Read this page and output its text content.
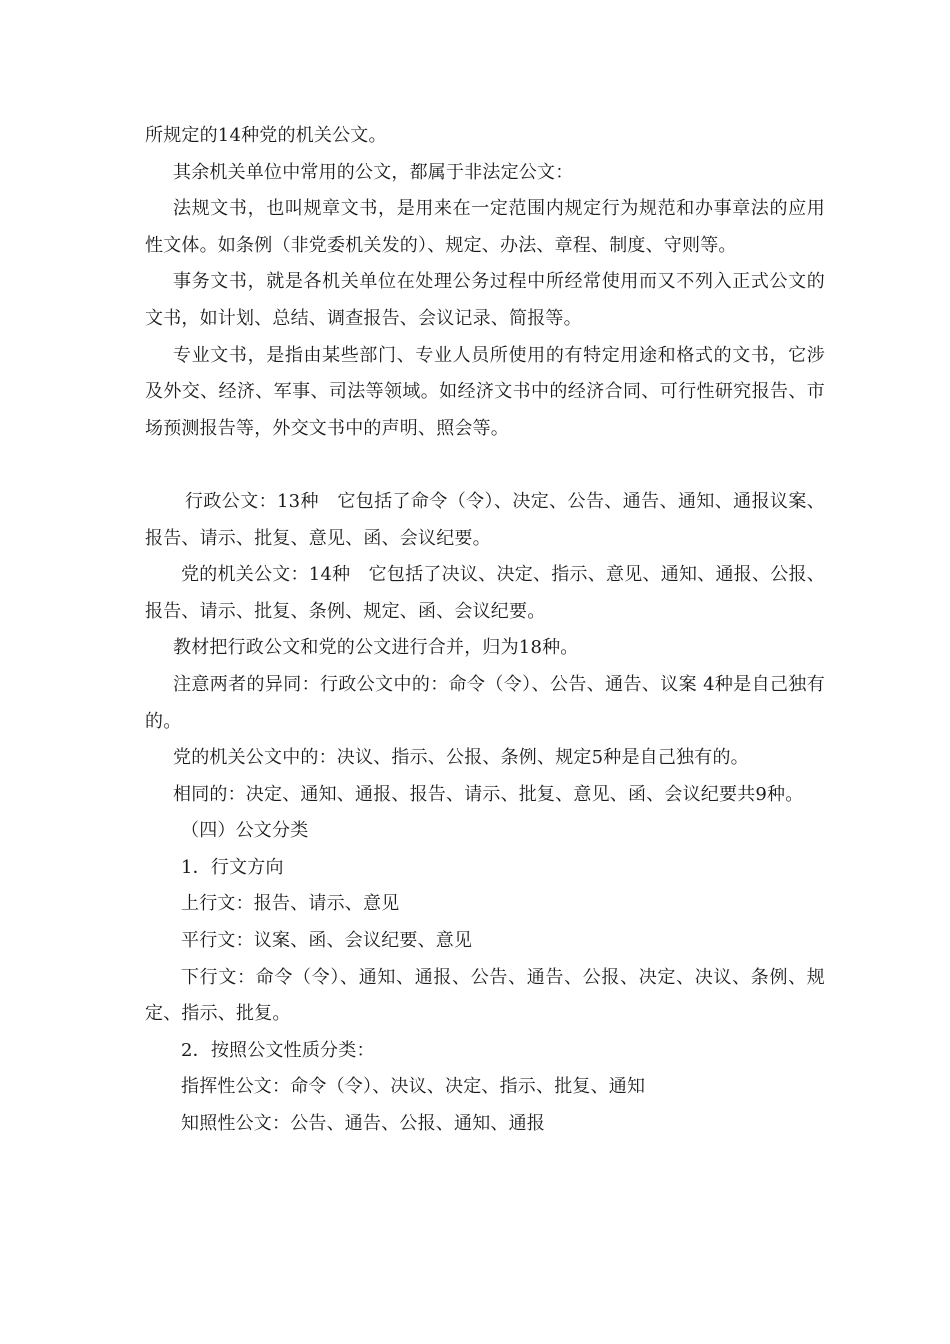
所规定的14种党的机关公文。

其余机关单位中常用的公文，都属于非法定公文：

法规文书，也叫规章文书，是用来在一定范围内规定行为规范和办事章法的应用性文体。如条例（非党委机关发的）、规定、办法、章程、制度、守则等。

事务文书，就是各机关单位在处理公务过程中所经常使用而又不列入正式公文的文书，如计划、总结、调查报告、会议记录、简报等。

专业文书，是指由某些部门、专业人员所使用的有特定用途和格式的文书，它涉及外交、经济、军事、司法等领域。如经济文书中的经济合同、可行性研究报告、市场预测报告等，外交文书中的声明、照会等。

行政公文：13种　它包括了命令（令）、决定、公告、通告、通知、通报议案、报告、请示、批复、意见、函、会议纪要。

党的机关公文：14种　它包括了决议、决定、指示、意见、通知、通报、公报、报告、请示、批复、条例、规定、函、会议纪要。

教材把行政公文和党的公文进行合并，归为18种。

注意两者的异同：行政公文中的：命令（令）、公告、通告、议案 4种是自己独有的。

党的机关公文中的：决议、指示、公报、条例、规定5种是自己独有的。

相同的：决定、通知、通报、报告、请示、批复、意见、函、会议纪要共9种。

（四）公文分类

1．行文方向

上行文：报告、请示、意见

平行文：议案、函、会议纪要、意见

下行文：命令（令）、通知、通报、公告、通告、公报、决定、决议、条例、规定、指示、批复。

2．按照公文性质分类：

指挥性公文：命令（令）、决议、决定、指示、批复、通知

知照性公文：公告、通告、公报、通知、通报
